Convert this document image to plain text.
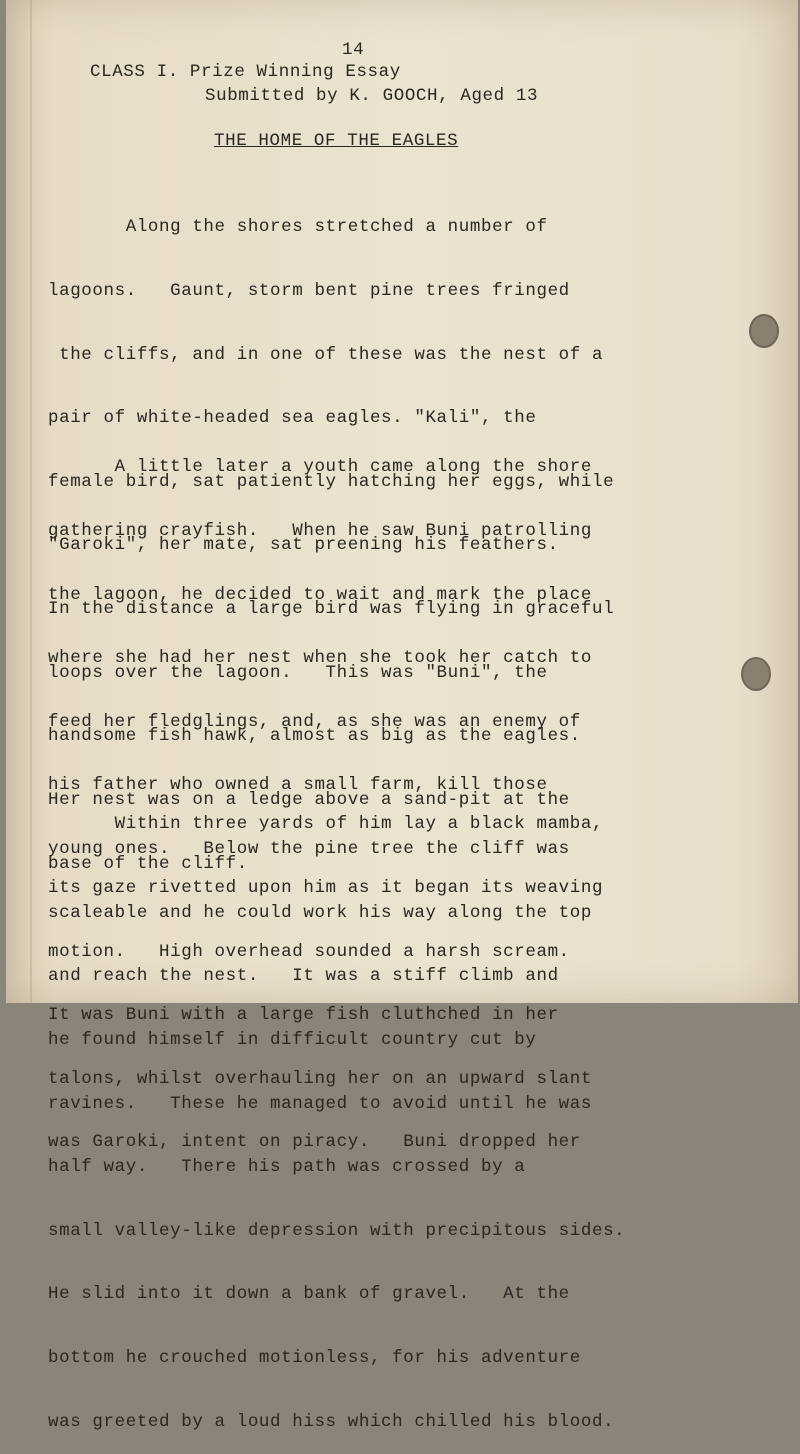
14
CLASS I. Prize Winning Essay
Submitted by K. GOOCH, Aged 13
THE HOME OF THE EAGLES

Along the shores stretched a number of

lagoons.   Gaunt, storm bent pine trees fringed

the cliffs, and in one of these was the nest of a

pair of white-headed sea eagles. "Kali", the

female bird, sat patiently hatching her eggs, while

"Garoki", her mate, sat preening his feathers.

In the distance a large bird was flying in graceful

loops over the lagoon.   This was "Buni", the

handsome fish hawk, almost as big as the eagles.

Her nest was on a ledge above a sand-pit at the

base of the cliff.

A little later a youth came along the shore

gathering crayfish.   When he saw Buni patrolling

the lagoon, he decided to wait and mark the place

where she had her nest when she took her catch to

feed her fledglings, and, as she was an enemy of

his father who owned a small farm, kill those

young ones.   Below the pine tree the cliff was

scaleable and he could work his way along the top

and reach the nest.   It was a stiff climb and

he found himself in difficult country cut by

ravines.   These he managed to avoid until he was

half way.   There his path was crossed by a

small valley-like depression with precipitous sides.

He slid into it down a bank of gravel.   At the

bottom he crouched motionless, for his adventure

was greeted by a loud hiss which chilled his blood.

Within three yards of him lay a black mamba,

its gaze rivetted upon him as it began its weaving

motion.   High overhead sounded a harsh scream.

It was Buni with a large fish cluthched in her

talons, whilst overhauling her on an upward slant

was Garoki, intent on piracy.   Buni dropped her
